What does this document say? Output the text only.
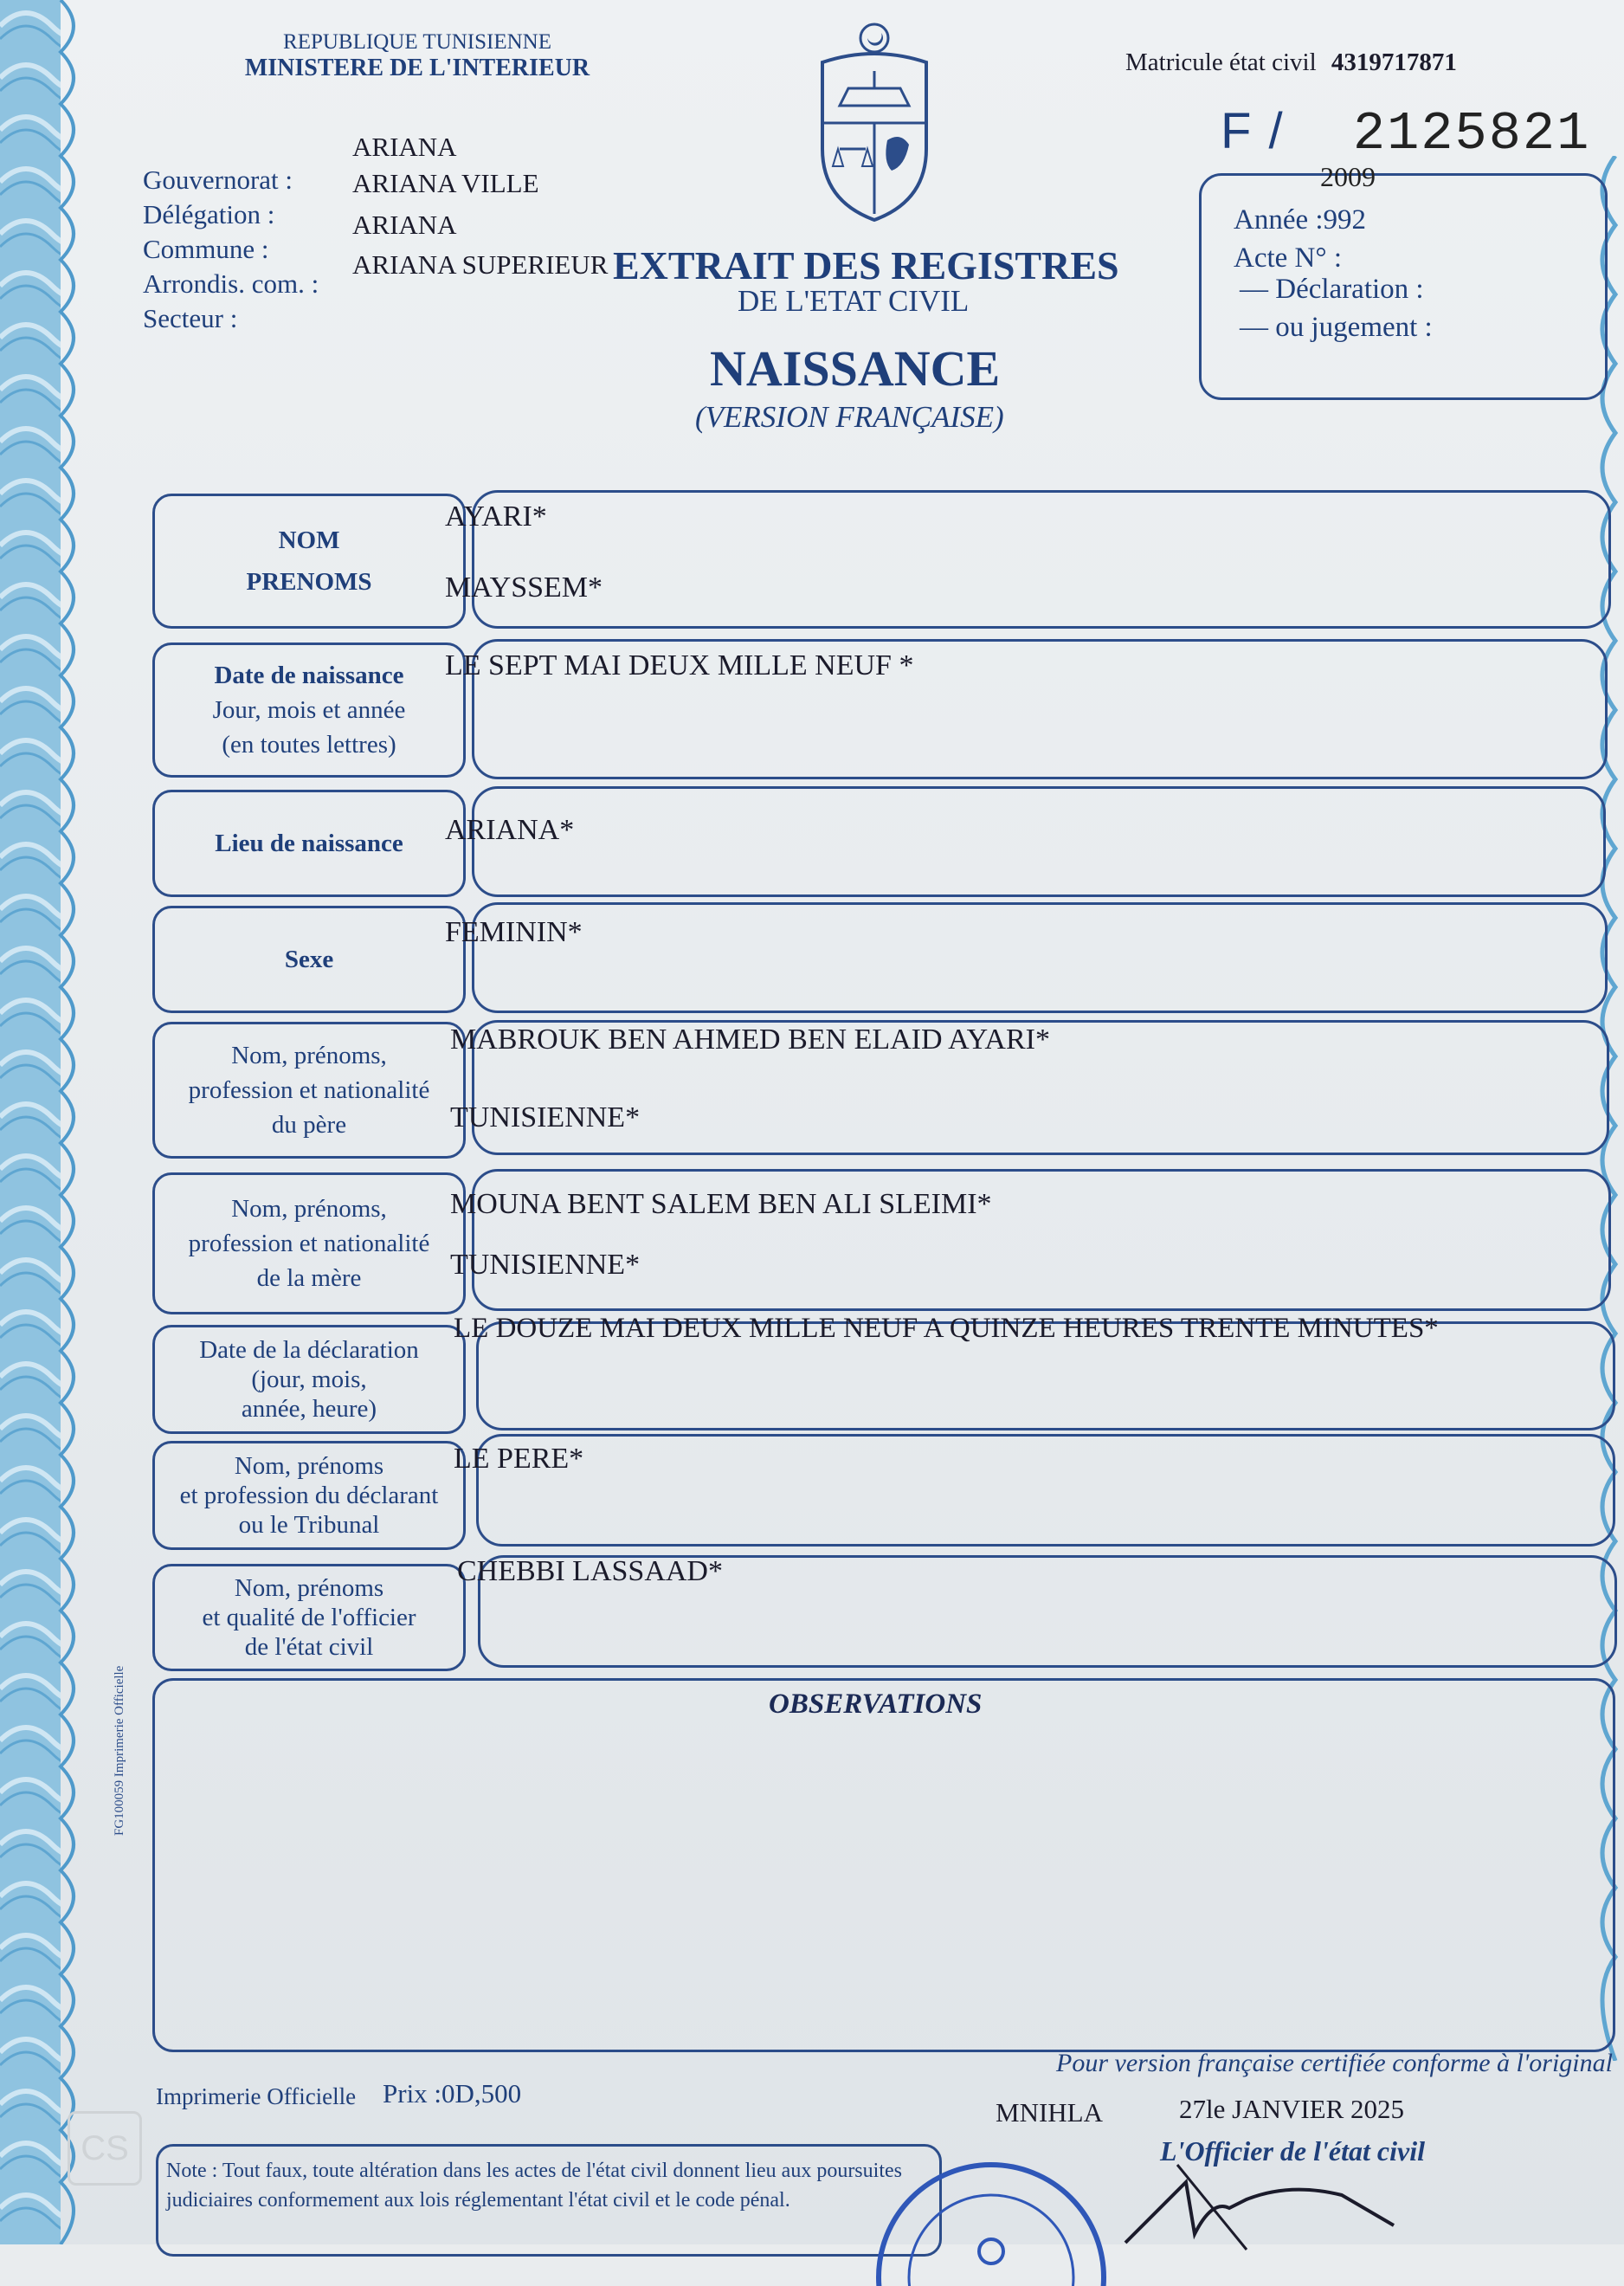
REPUBLIQUE TUNISIENNE
MINISTERE DE L'INTERIEUR	Matricule état civil 4319717871
F / 2125821
2009
Année :992
Acte N° :
— Déclaration :
— ou jugement :
Gouvernorat :
Délégation :
Commune :
Arrondis. com. :
Secteur :
ARIANA
ARIANA VILLE
ARIANA
ARIANA SUPERIEUR EXTRAIT DES REGISTRES
DE L'ETAT CIVIL
NAISSANCE
(VERSION FRANÇAISE)
NOM
PRENOMS
AYARI*
MAYSSEM*
Date de naissance
Jour, mois et année
(en toutes lettres)
LE SEPT MAI DEUX MILLE NEUF *
Lieu de naissance ARIANA*
Sexe
FEMININ*
Nom, prénoms,
profession et nationalité
du père
MABROUK BEN AHMED BEN ELAID AYARI*
TUNISIENNE*
Nom, prénoms,
profession et nationalité
de la mère
MOUNA BENT SALEM BEN ALI SLEIMI*
TUNISIENNE*
Date de la déclaration
(jour, mois,
année, heure)
LE DOUZE MAI DEUX MILLE NEUF A QUINZE HEURES TRENTE MINUTES*
Nom, prénoms
et profession du déclarant
ou le Tribunal
LE PERE*
Nom, prénoms
et qualité de l'officier
de l'état civil
CHEBBI LASSAAD*
OBSERVATIONS
FG100059 Imprimerie Officielle
Pour version française certifiée conforme à l'original
Imprimerie Officielle Prix :0D,500
MNIHLA	27le JANVIER 2025
L'Officier de l'état civil
CS
Note : Tout faux, toute altération dans les actes de l'état civil donnent lieu aux poursuites judiciaires conformement aux lois réglementant l'état civil et le code pénal.
